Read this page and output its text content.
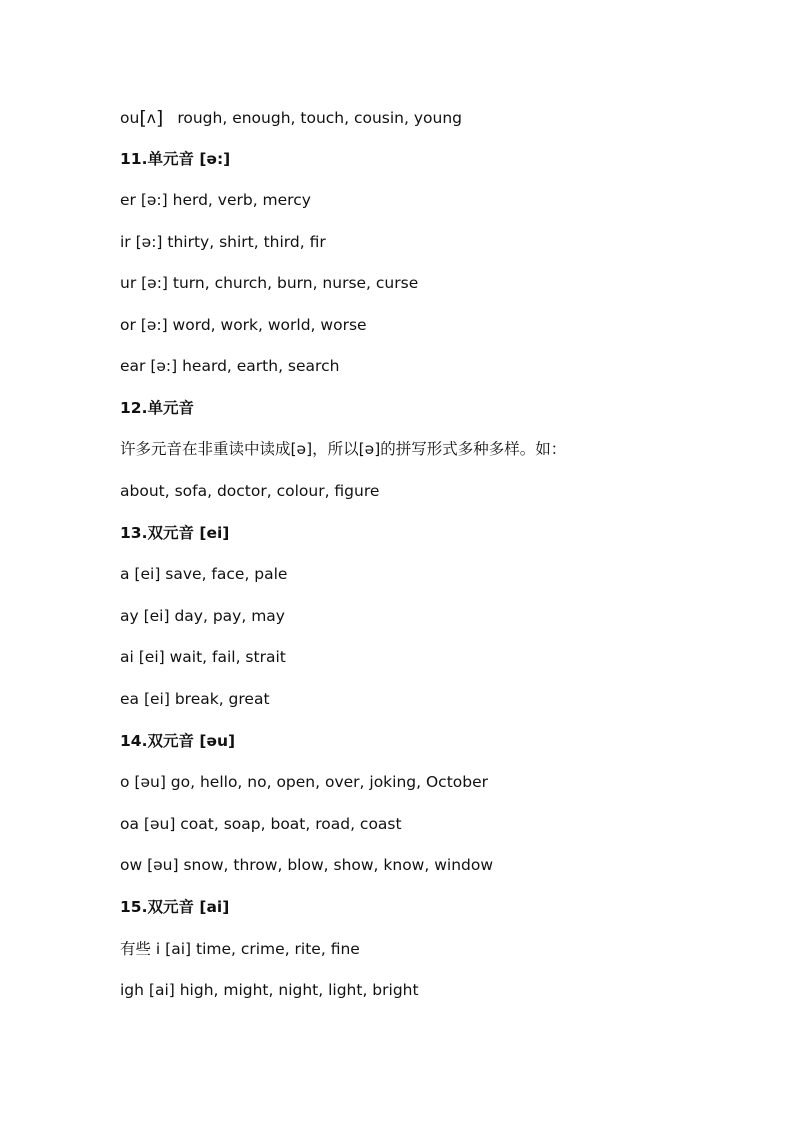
ou[ʌ] rough, enough, touch, cousin, young
11.单元音 [ə:]
er [ə:] herd, verb, mercy
ir [ə:] thirty, shirt, third, fir
ur [ə:] turn, church, burn, nurse, curse
or [ə:] word, work, world, worse
ear [ə:] heard, earth, search
12.单元音
许多元音在非重读中读成[ə]，所以[ə]的拼写形式多种多样。如：
about, sofa, doctor, colour, figure
13.双元音 [ei]
a [ei] save, face, pale
ay [ei] day, pay, may
ai [ei] wait, fail, strait
ea [ei] break, great
14.双元音 [əu]
o [əu] go, hello, no, open, over, joking, October
oa [əu] coat, soap, boat, road, coast
ow [əu] snow, throw, blow, show, know, window
15.双元音 [ai]
有些 i [ai] time, crime, rite, fine
igh [ai] high, might, night, light, bright
